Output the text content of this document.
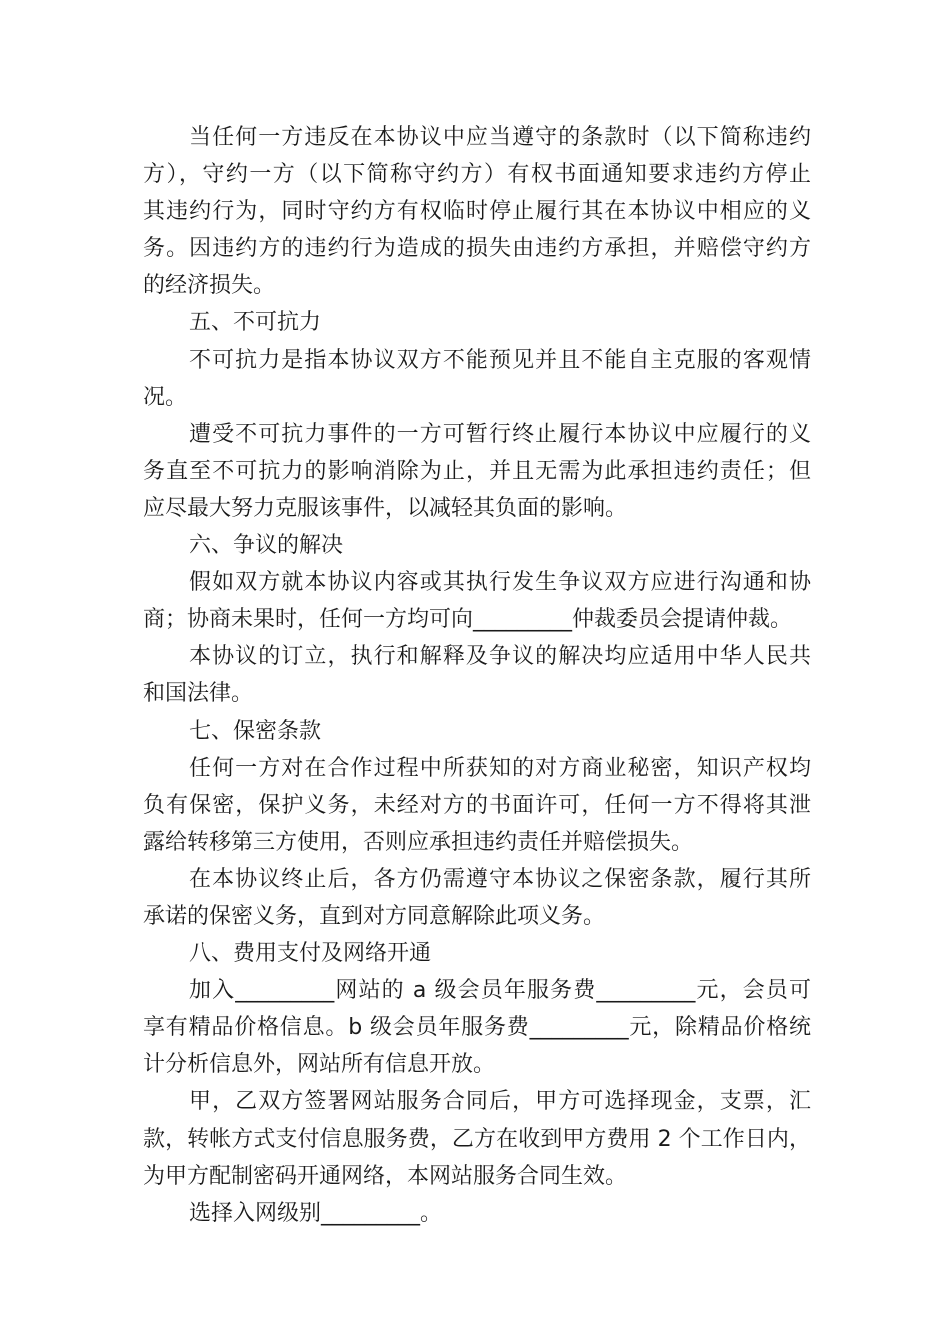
当任何一方违反在本协议中应当遵守的条款时（以下简称违约
方），守约一方（以下简称守约方）有权书面通知要求违约方停止
其违约行为，同时守约方有权临时停止履行其在本协议中相应的义
务。因违约方的违约行为造成的损失由违约方承担，并赔偿守约方
的经济损失。
五、不可抗力
不可抗力是指本协议双方不能预见并且不能自主克服的客观情
况。
遭受不可抗力事件的一方可暂行终止履行本协议中应履行的义
务直至不可抗力的影响消除为止，并且无需为此承担违约责任；但
应尽最大努力克服该事件，以减轻其负面的影响。
六、争议的解决
假如双方就本协议内容或其执行发生争议双方应进行沟通和协
商；协商未果时，任何一方均可向_________仲裁委员会提请仲裁。
本协议的订立，执行和解释及争议的解决均应适用中华人民共
和国法律。
七、保密条款
任何一方对在合作过程中所获知的对方商业秘密，知识产权均
负有保密，保护义务，未经对方的书面许可，任何一方不得将其泄
露给转移第三方使用，否则应承担违约责任并赔偿损失。
在本协议终止后，各方仍需遵守本协议之保密条款，履行其所
承诺的保密义务，直到对方同意解除此项义务。
八、费用支付及网络开通
加入_________网站的 a 级会员年服务费_________元，会员可
享有精品价格信息。b 级会员年服务费_________元，除精品价格统
计分析信息外，网站所有信息开放。
甲，乙双方签署网站服务合同后，甲方可选择现金，支票，汇
款，转帐方式支付信息服务费，乙方在收到甲方费用 2 个工作日内，
为甲方配制密码开通网络，本网站服务合同生效。
选择入网级别_________。
